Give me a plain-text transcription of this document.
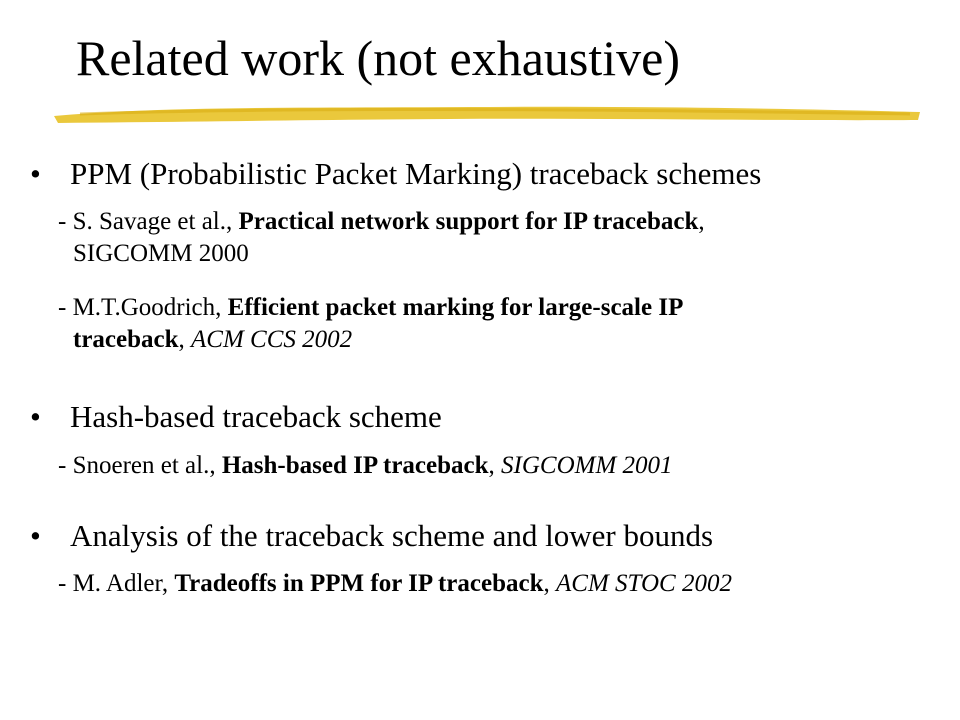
Related work (not exhaustive)
• PPM (Probabilistic Packet Marking) traceback schemes
- S. Savage et al., Practical network support for IP traceback,
SIGCOMM 2000
- M.T.Goodrich, Efficient packet marking for large-scale IP
traceback, ACM CCS 2002
• Hash-based traceback scheme
- Snoeren et al., Hash-based IP traceback, SIGCOMM 2001
• Analysis of the traceback scheme and lower bounds
- M. Adler, Tradeoffs in PPM for IP traceback, ACM STOC 2002
